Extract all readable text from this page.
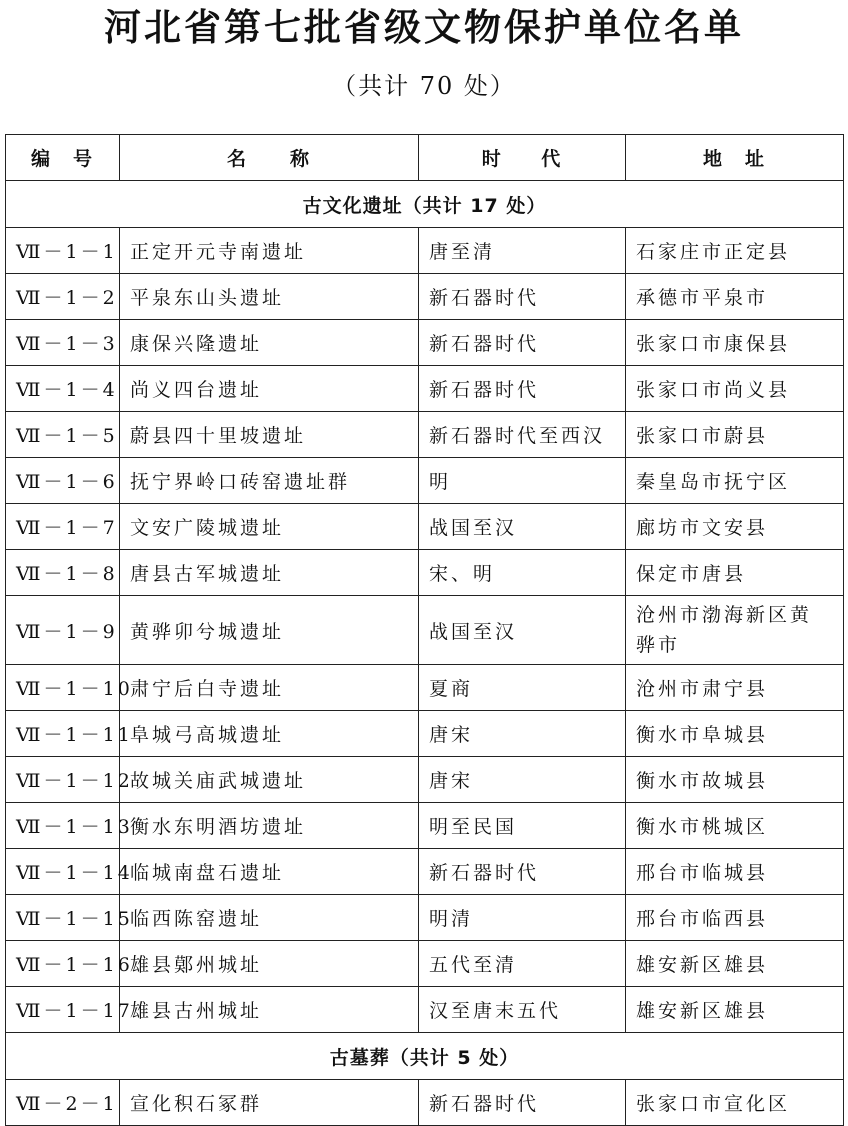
河北省第七批省级文物保护单位名单
（共计 70 处）
编　号	名　　称	时 代	地　址
古文化遗址（共计 17 处）			
Ⅶ－1－1	正定开元寺南遗址	唐至清	石家庄市正定县
Ⅶ－1－2	平泉东山头遗址	新石器时代	承德市平泉市
Ⅶ－1－3	康保兴隆遗址	新石器时代	张家口市康保县
Ⅶ－1－4	尚义四台遗址	新石器时代	张家口市尚义县
Ⅶ－1－5	蔚县四十里坡遗址	新石器时代至西汉	张家口市蔚县
Ⅶ－1－6	抚宁界岭口砖窑遗址群	明	秦皇岛市抚宁区
Ⅶ－1－7	文安广陵城遗址	战国至汉	廊坊市文安县
Ⅶ－1－8	唐县古军城遗址	宋、明	保定市唐县
Ⅶ－1－9	黄骅卯兮城遗址	战国至汉	沧州市渤海新区黄骅市
Ⅶ－1－10	肃宁后白寺遗址	夏商	沧州市肃宁县
Ⅶ－1－11	阜城弓高城遗址	唐宋	衡水市阜城县
Ⅶ－1－12	故城关庙武城遗址	唐宋	衡水市故城县
Ⅶ－1－13	衡水东明酒坊遗址	明至民国	衡水市桃城区
Ⅶ－1－14	临城南盘石遗址	新石器时代	邢台市临城县
Ⅶ－1－15	临西陈窑遗址	明清	邢台市临西县
Ⅶ－1－16	雄县鄚州城址	五代至清	雄安新区雄县
Ⅶ－1－17	雄县古州城址	汉至唐末五代	雄安新区雄县
古墓葬（共计 5 处）			
Ⅶ－2－1	宣化积石冢群	新石器时代	张家口市宣化区
